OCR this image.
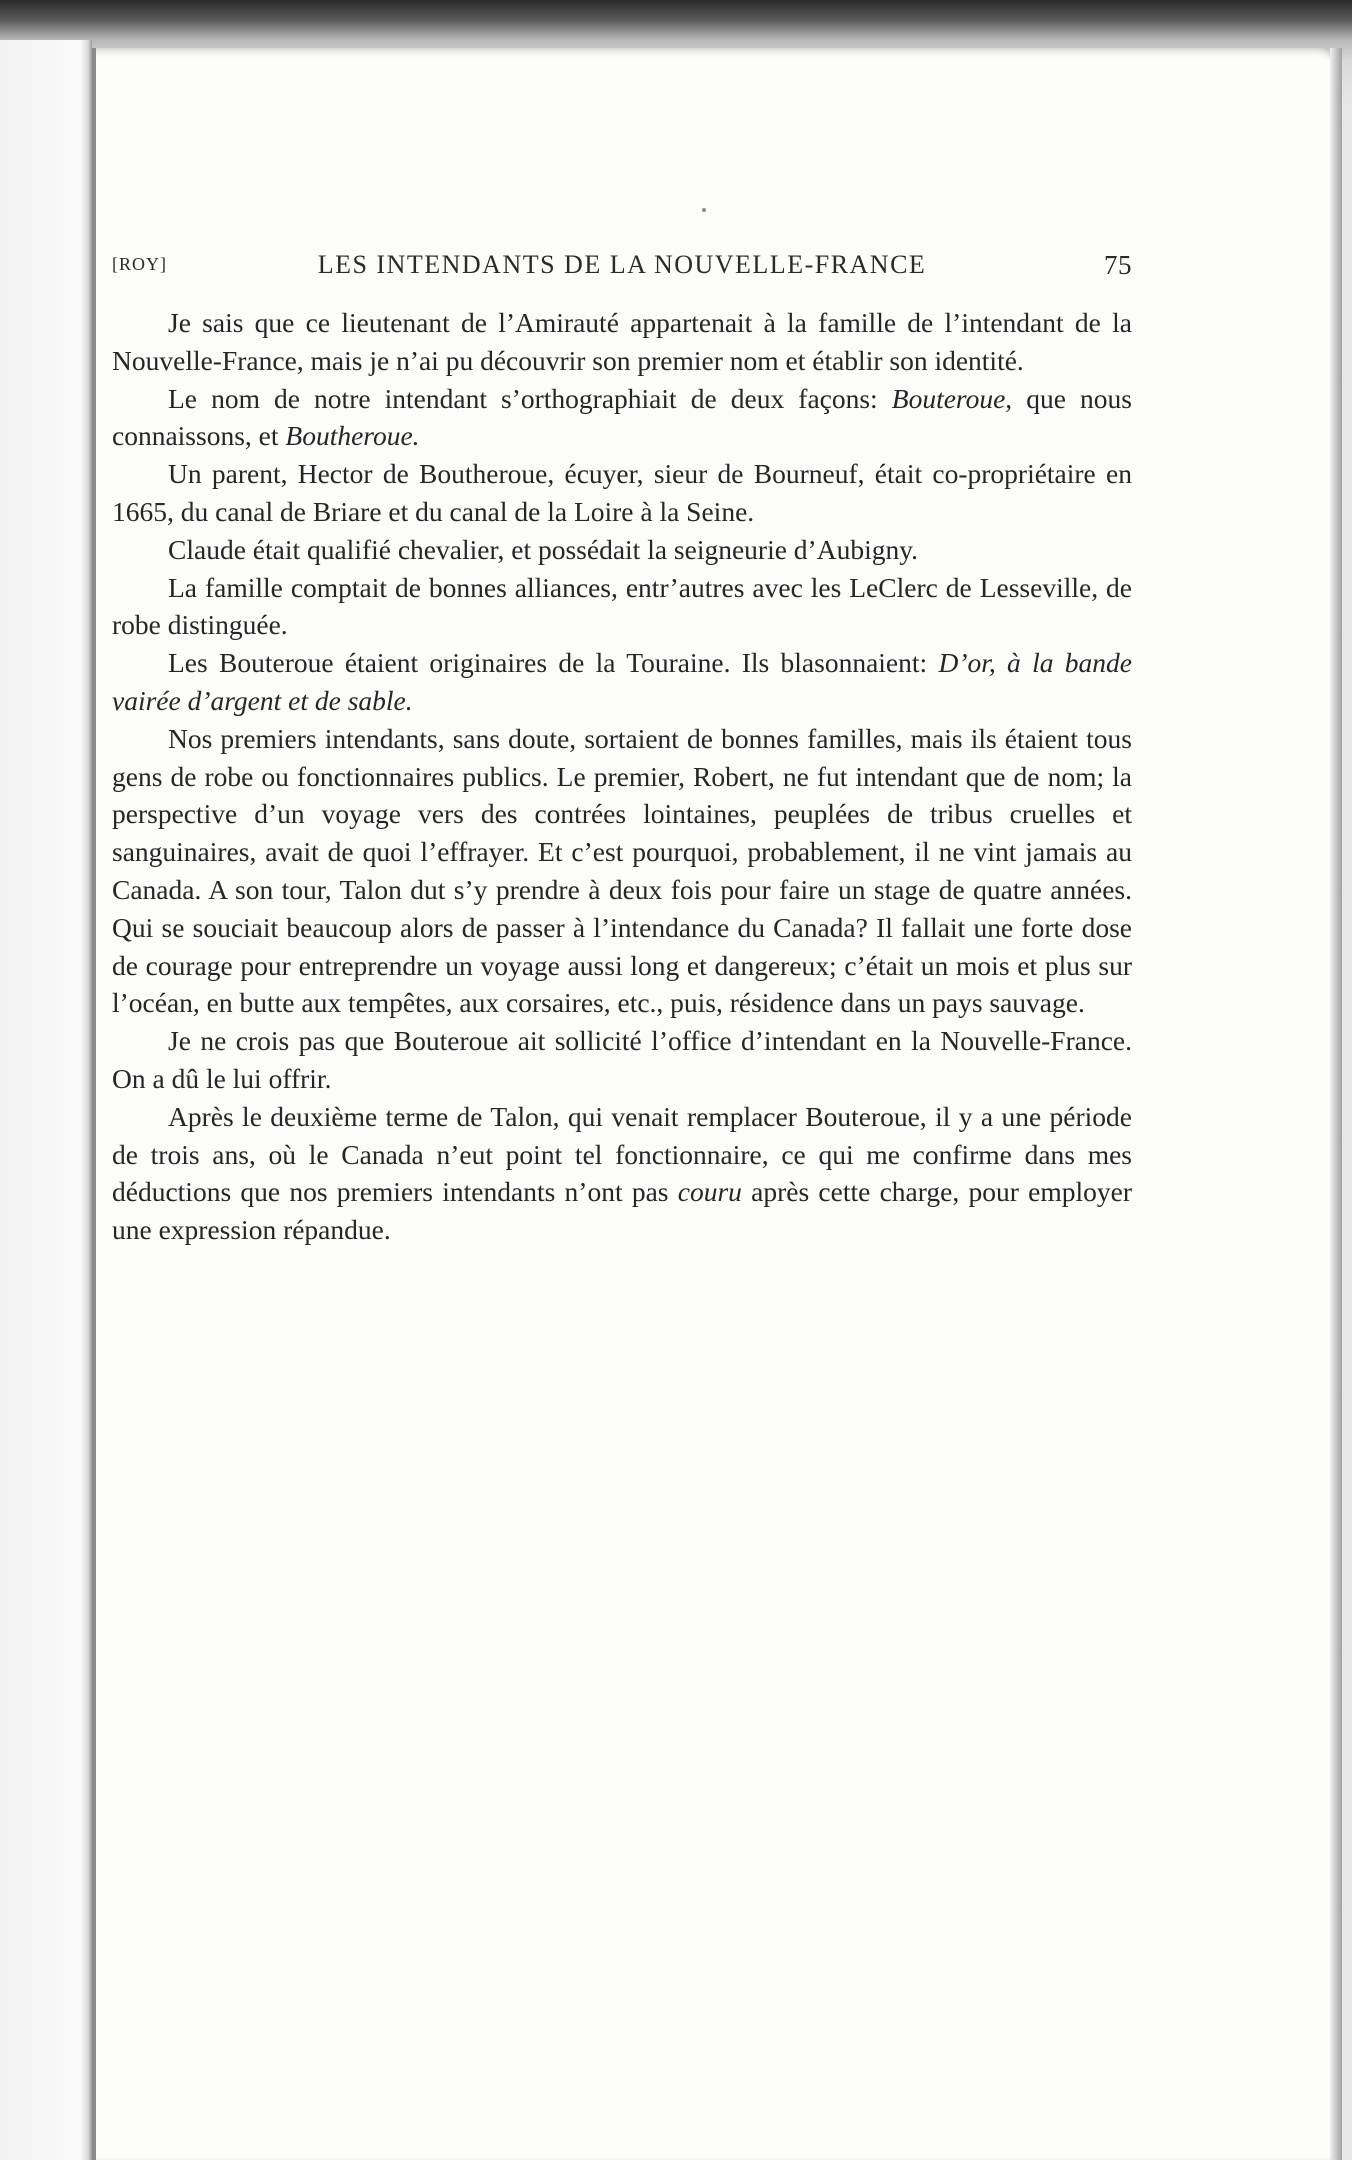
[ROY]	LES INTENDANTS DE LA NOUVELLE-FRANCE	75

Je sais que ce lieutenant de l’Amirauté appartenait à la famille de l’intendant de la Nouvelle-France, mais je n’ai pu découvrir son premier nom et établir son identité.

Le nom de notre intendant s’orthographiait de deux façons: Bouteroue, que nous connaissons, et Boutheroue.

Un parent, Hector de Boutheroue, écuyer, sieur de Bourneuf, était co-propriétaire en 1665, du canal de Briare et du canal de la Loire à la Seine.

Claude était qualifié chevalier, et possédait la seigneurie d’Aubigny.

La famille comptait de bonnes alliances, entr’autres avec les LeClerc de Lesseville, de robe distinguée.

Les Bouteroue étaient originaires de la Touraine. Ils blasonnaient: D’or, à la bande vairée d’argent et de sable.

Nos premiers intendants, sans doute, sortaient de bonnes familles, mais ils étaient tous gens de robe ou fonctionnaires publics. Le premier, Robert, ne fut intendant que de nom; la perspective d’un voyage vers des contrées lointaines, peuplées de tribus cruelles et sanguinaires, avait de quoi l’effrayer. Et c’est pourquoi, probablement, il ne vint jamais au Canada. A son tour, Talon dut s’y prendre à deux fois pour faire un stage de quatre années. Qui se souciait beaucoup alors de passer à l’intendance du Canada? Il fallait une forte dose de courage pour entreprendre un voyage aussi long et dangereux; c’était un mois et plus sur l’océan, en butte aux tempêtes, aux corsaires, etc., puis, résidence dans un pays sauvage.

Je ne crois pas que Bouteroue ait sollicité l’office d’intendant en la Nouvelle-France. On a dû le lui offrir.

Après le deuxième terme de Talon, qui venait remplacer Bouteroue, il y a une période de trois ans, où le Canada n’eut point tel fonctionnaire, ce qui me confirme dans mes déductions que nos premiers intendants n’ont pas couru après cette charge, pour employer une expression répandue.
